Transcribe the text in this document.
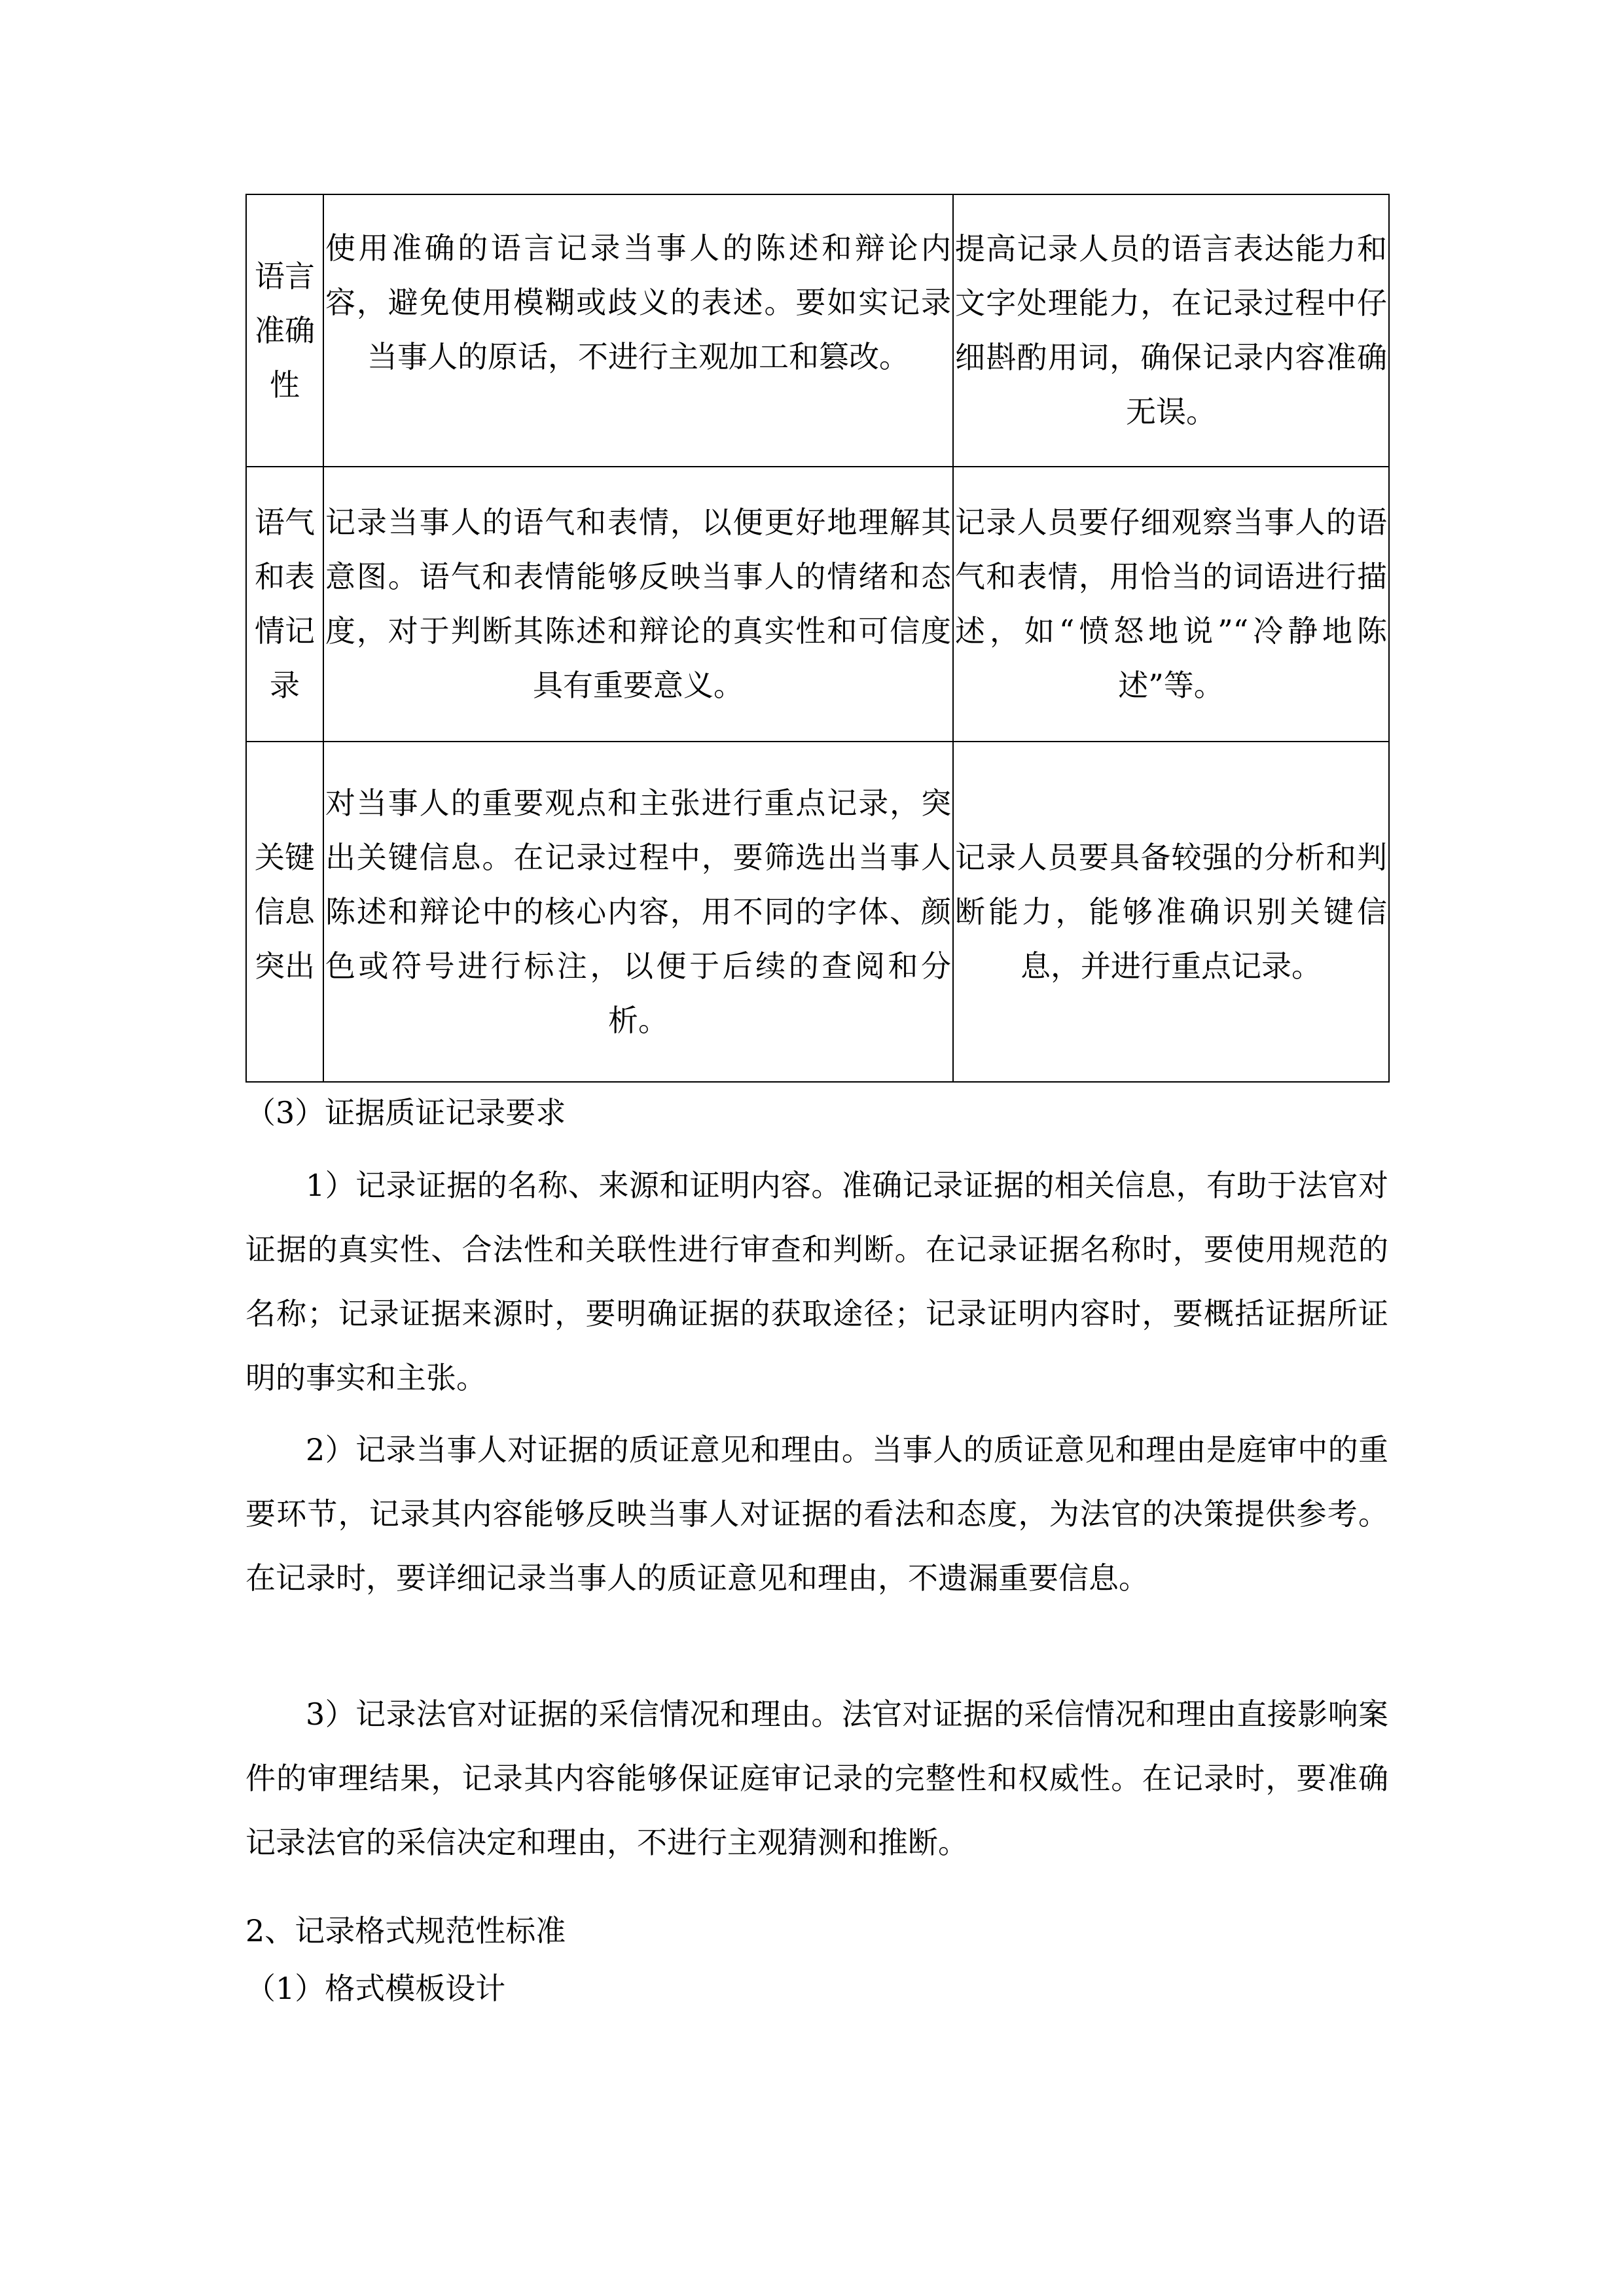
语言准确性	使用准确的语言记录当事人的陈述和辩论内容，避免使用模糊或歧义的表述。要如实记录当事人的原话，不进行主观加工和篡改。	提高记录人员的语言表达能力和文字处理能力，在记录过程中仔细斟酌用词，确保记录内容准确无误。

语气和表情记录	记录当事人的语气和表情，以便更好地理解其意图。语气和表情能够反映当事人的情绪和态度，对于判断其陈述和辩论的真实性和可信度具有重要意义。	记录人员要仔细观察当事人的语气和表情，用恰当的词语进行描述，如“愤怒地说”“冷静地陈述”等。

关键信息突出	对当事人的重要观点和主张进行重点记录，突出关键信息。在记录过程中，要筛选出当事人陈述和辩论中的核心内容，用不同的字体、颜色或符号进行标注，以便于后续的查阅和分析。	记录人员要具备较强的分析和判断能力，能够准确识别关键信息，并进行重点记录。

（3）证据质证记录要求

1）记录证据的名称、来源和证明内容。准确记录证据的相关信息，有助于法官对证据的真实性、合法性和关联性进行审查和判断。在记录证据名称时，要使用规范的名称；记录证据来源时，要明确证据的获取途径；记录证明内容时，要概括证据所证明的事实和主张。

2）记录当事人对证据的质证意见和理由。当事人的质证意见和理由是庭审中的重要环节，记录其内容能够反映当事人对证据的看法和态度，为法官的决策提供参考。在记录时，要详细记录当事人的质证意见和理由，不遗漏重要信息。

3）记录法官对证据的采信情况和理由。法官对证据的采信情况和理由直接影响案件的审理结果，记录其内容能够保证庭审记录的完整性和权威性。在记录时，要准确记录法官的采信决定和理由，不进行主观猜测和推断。

2、记录格式规范性标准
（1）格式模板设计
